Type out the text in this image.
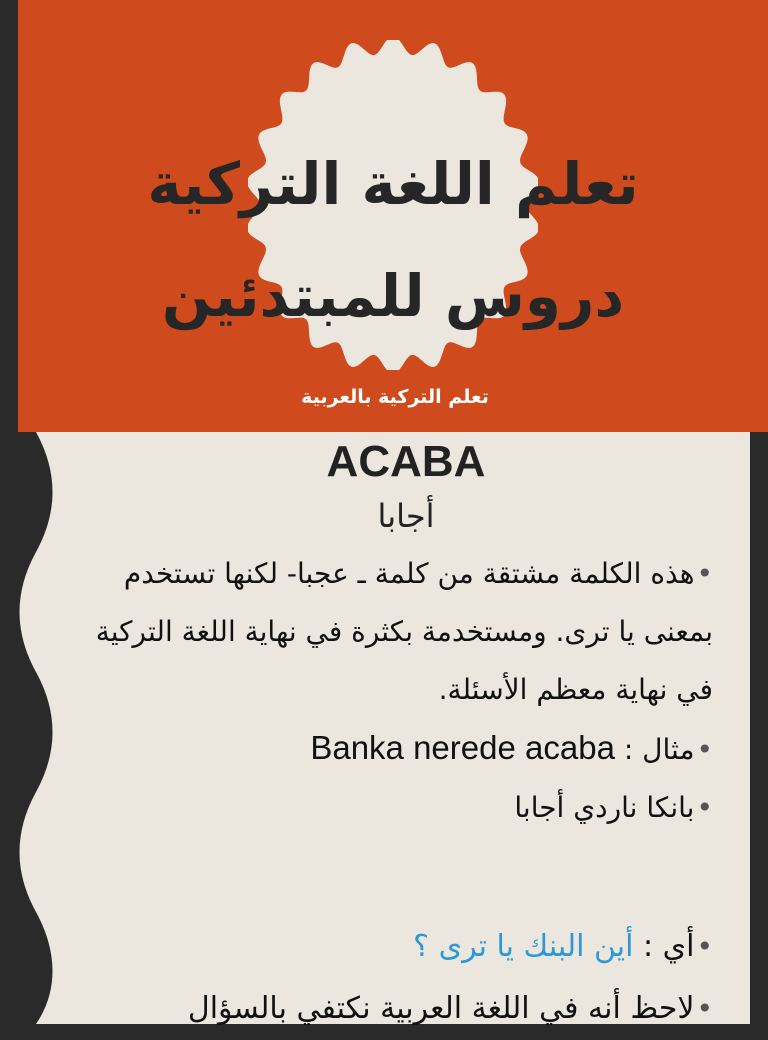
تعلم اللغة التركية
دروس للمبتدئين
تعلم التركية بالعربية
ACABA
أجابا

•هذه الكلمة مشتقة من كلمة ـ عجبا- لكنها تستخدم بمعنى يا ترى. ومستخدمة بكثرة في نهاية اللغة التركية في نهاية معظم الأسئلة.

•مثال : Banka nerede acaba

•بانكا ناردي أجابا

•أي : أين البنك يا ترى ؟

•لاحظ أنه في اللغة العربية نكتفي بالسؤال
